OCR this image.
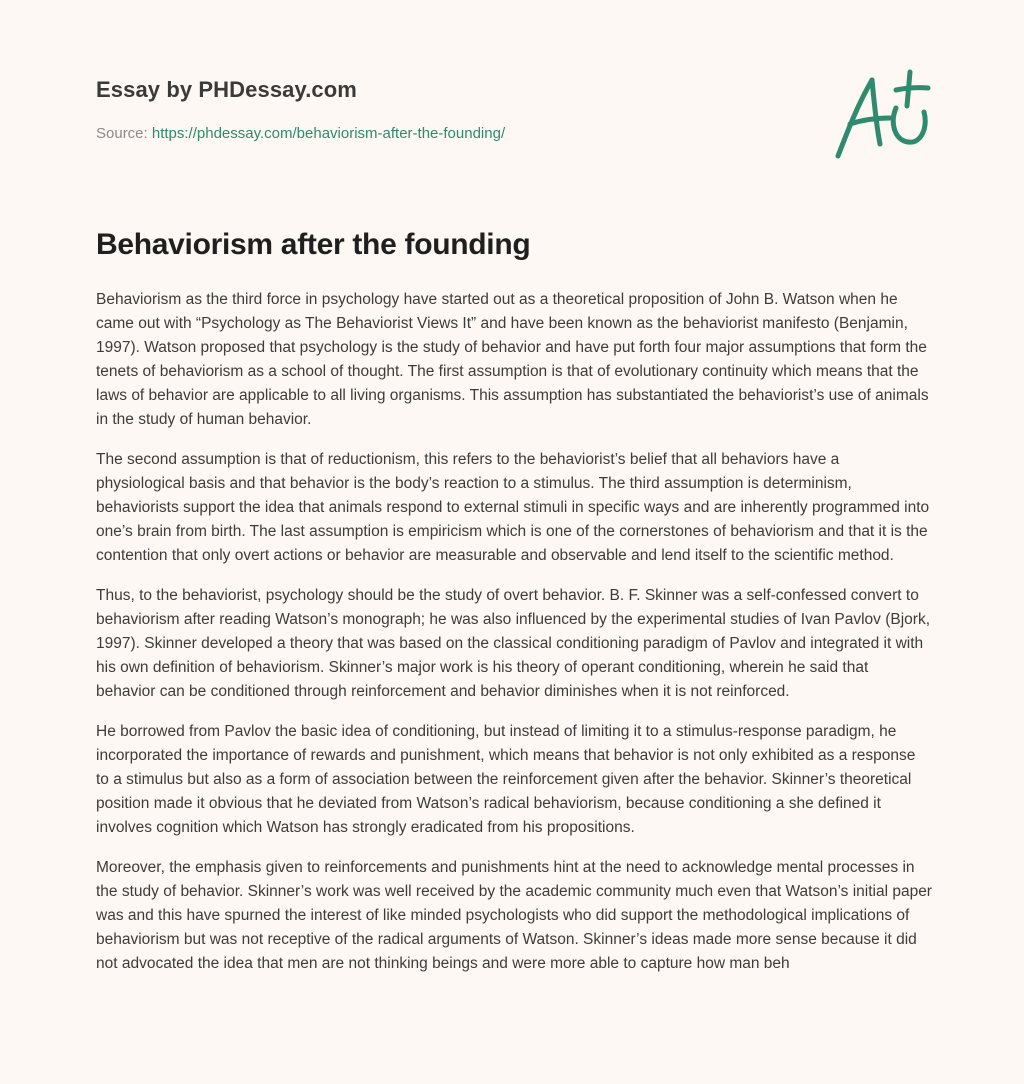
Essay by PHDessay.com
Source: https://phdessay.com/behaviorism-after-the-founding/
Behaviorism after the founding

Behaviorism as the third force in psychology have started out as a theoretical proposition of John B. Watson when he came out with “Psychology as The Behaviorist Views It” and have been known as the behaviorist manifesto (Benjamin, 1997). Watson proposed that psychology is the study of behavior and have put forth four major assumptions that form the tenets of behaviorism as a school of thought. The first assumption is that of evolutionary continuity which means that the laws of behavior are applicable to all living organisms. This assumption has substantiated the behaviorist’s use of animals in the study of human behavior.

The second assumption is that of reductionism, this refers to the behaviorist’s belief that all behaviors have a physiological basis and that behavior is the body’s reaction to a stimulus. The third assumption is determinism, behaviorists support the idea that animals respond to external stimuli in specific ways and are inherently programmed into one’s brain from birth. The last assumption is empiricism which is one of the cornerstones of behaviorism and that it is the contention that only overt actions or behavior are measurable and observable and lend itself to the scientific method.

Thus, to the behaviorist, psychology should be the study of overt behavior. B. F. Skinner was a self-confessed convert to behaviorism after reading Watson’s monograph; he was also influenced by the experimental studies of Ivan Pavlov (Bjork, 1997). Skinner developed a theory that was based on the classical conditioning paradigm of Pavlov and integrated it with his own definition of behaviorism. Skinner’s major work is his theory of operant conditioning, wherein he said that behavior can be conditioned through reinforcement and behavior diminishes when it is not reinforced.

He borrowed from Pavlov the basic idea of conditioning, but instead of limiting it to a stimulus-response paradigm, he incorporated the importance of rewards and punishment, which means that behavior is not only exhibited as a response to a stimulus but also as a form of association between the reinforcement given after the behavior. Skinner’s theoretical position made it obvious that he deviated from Watson’s radical behaviorism, because conditioning a she defined it involves cognition which Watson has strongly eradicated from his propositions.

Moreover, the emphasis given to reinforcements and punishments hint at the need to acknowledge mental processes in the study of behavior. Skinner’s work was well received by the academic community much even that Watson’s initial paper was and this have spurned the interest of like minded psychologists who did support the methodological implications of behaviorism but was not receptive of the radical arguments of Watson. Skinner’s ideas made more sense because it did not advocated the idea that men are not thinking beings and were more able to capture how man beh
